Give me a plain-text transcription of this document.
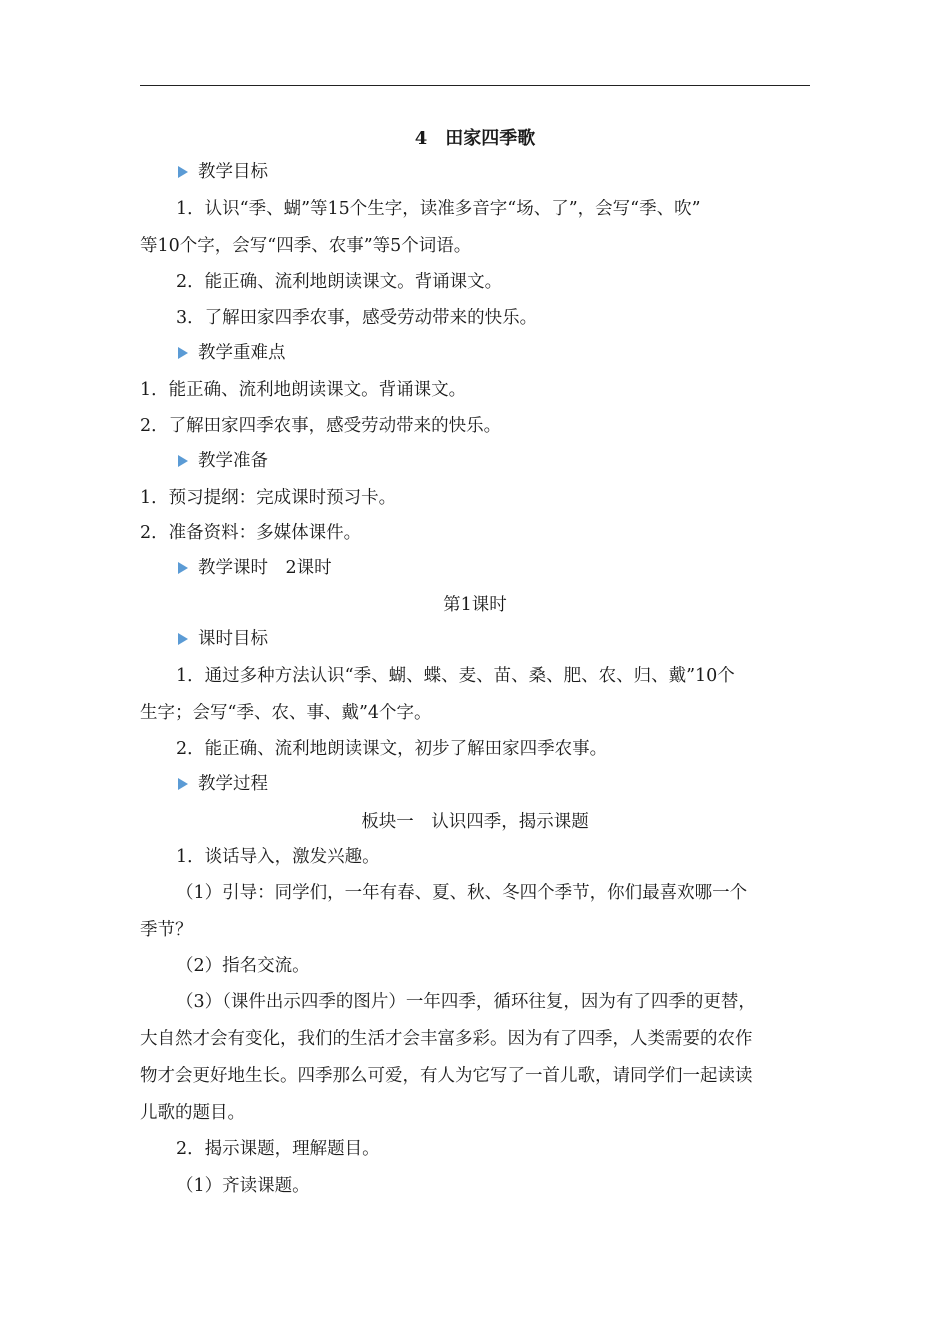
4　田家四季歌
教学目标
1．认识“季、蝴”等15个生字，读准多音字“场、了”，会写“季、吹”
等10个字，会写“四季、农事”等5个词语。
2．能正确、流利地朗读课文。背诵课文。
3．了解田家四季农事，感受劳动带来的快乐。
教学重难点
1．能正确、流利地朗读课文。背诵课文。
2．了解田家四季农事，感受劳动带来的快乐。
教学准备
1．预习提纲：完成课时预习卡。
2．准备资料：多媒体课件。
教学课时　2课时
第1课时
课时目标
1．通过多种方法认识“季、蝴、蝶、麦、苗、桑、肥、农、归、戴”10个
生字；会写“季、农、事、戴”4个字。
2．能正确、流利地朗读课文，初步了解田家四季农事。
教学过程
板块一　认识四季，揭示课题
1．谈话导入，激发兴趣。
（1）引导：同学们，一年有春、夏、秋、冬四个季节，你们最喜欢哪一个
季节？
（2）指名交流。
（3）（课件出示四季的图片）一年四季，循环往复，因为有了四季的更替，
大自然才会有变化，我们的生活才会丰富多彩。因为有了四季，人类需要的农作
物才会更好地生长。四季那么可爱，有人为它写了一首儿歌，请同学们一起读读
儿歌的题目。
2．揭示课题，理解题目。
（1）齐读课题。
